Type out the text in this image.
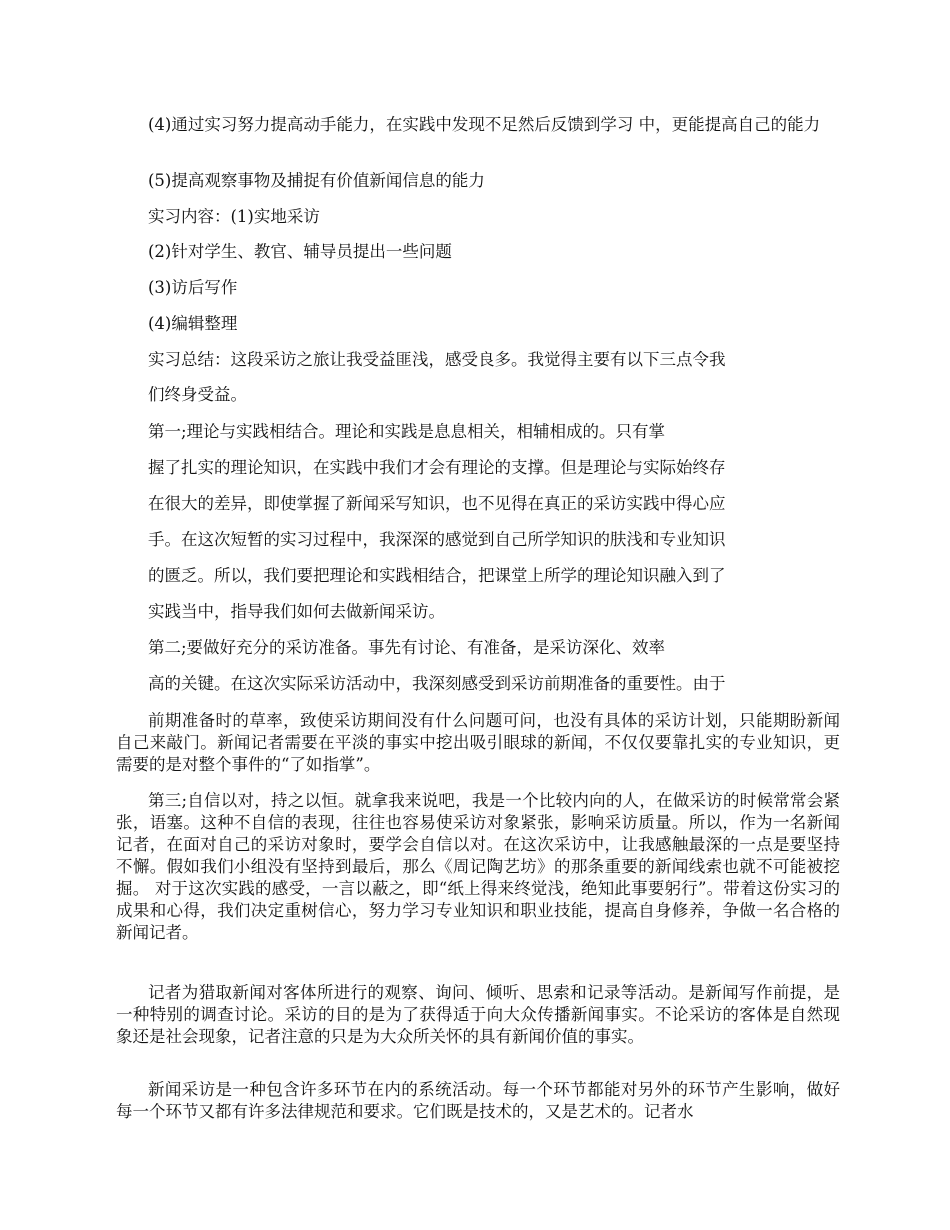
(4)通过实习努力提高动手能力，在实践中发现不足然后反馈到学习 中，更能提高自己的能力

(5)提高观察事物及捕捉有价值新闻信息的能力
实习内容：(1)实地采访
(2)针对学生、教官、辅导员提出一些问题
(3)访后写作
(4)编辑整理
实习总结：这段采访之旅让我受益匪浅，感受良多。我觉得主要有以下三点令我
们终身受益。
第一;理论与实践相结合。理论和实践是息息相关，相辅相成的。只有掌
握了扎实的理论知识，在实践中我们才会有理论的支撑。但是理论与实际始终存
在很大的差异，即使掌握了新闻采写知识，也不见得在真正的采访实践中得心应
手。在这次短暂的实习过程中，我深深的感觉到自己所学知识的肤浅和专业知识
的匮乏。所以，我们要把理论和实践相结合，把课堂上所学的理论知识融入到了
实践当中，指导我们如何去做新闻采访。
第二;要做好充分的采访准备。事先有讨论、有准备，是采访深化、效率
高的关键。在这次实际采访活动中，我深刻感受到采访前期准备的重要性。由于

前期准备时的草率，致使采访期间没有什么问题可问，也没有具体的采访计划，只能期盼新闻自己来敲门。新闻记者需要在平淡的事实中挖出吸引眼球的新闻，不仅仅要靠扎实的专业知识，更需要的是对整个事件的“了如指掌”。

第三;自信以对，持之以恒。就拿我来说吧，我是一个比较内向的人，在做采访的时候常常会紧张，语塞。这种不自信的表现，往往也容易使采访对象紧张，影响采访质量。所以，作为一名新闻记者，在面对自己的采访对象时，要学会自信以对。在这次采访中，让我感触最深的一点是要坚持不懈。假如我们小组没有坚持到最后，那么《周记陶艺坊》的那条重要的新闻线索也就不可能被挖掘。 对于这次实践的感受，一言以蔽之，即“纸上得来终觉浅，绝知此事要躬行”。带着这份实习的成果和心得，我们决定重树信心，努力学习专业知识和职业技能，提高自身修养，争做一名合格的新闻记者。

记者为猎取新闻对客体所进行的观察、询问、倾听、思索和记录等活动。是新闻写作前提，是一种特别的调查讨论。采访的目的是为了获得适于向大众传播新闻事实。不论采访的客体是自然现象还是社会现象，记者注意的只是为大众所关怀的具有新闻价值的事实。

新闻采访是一种包含许多环节在内的系统活动。每一个环节都能对另外的环节产生影响，做好每一个环节又都有许多法律规范和要求。它们既是技术的，又是艺术的。记者水
